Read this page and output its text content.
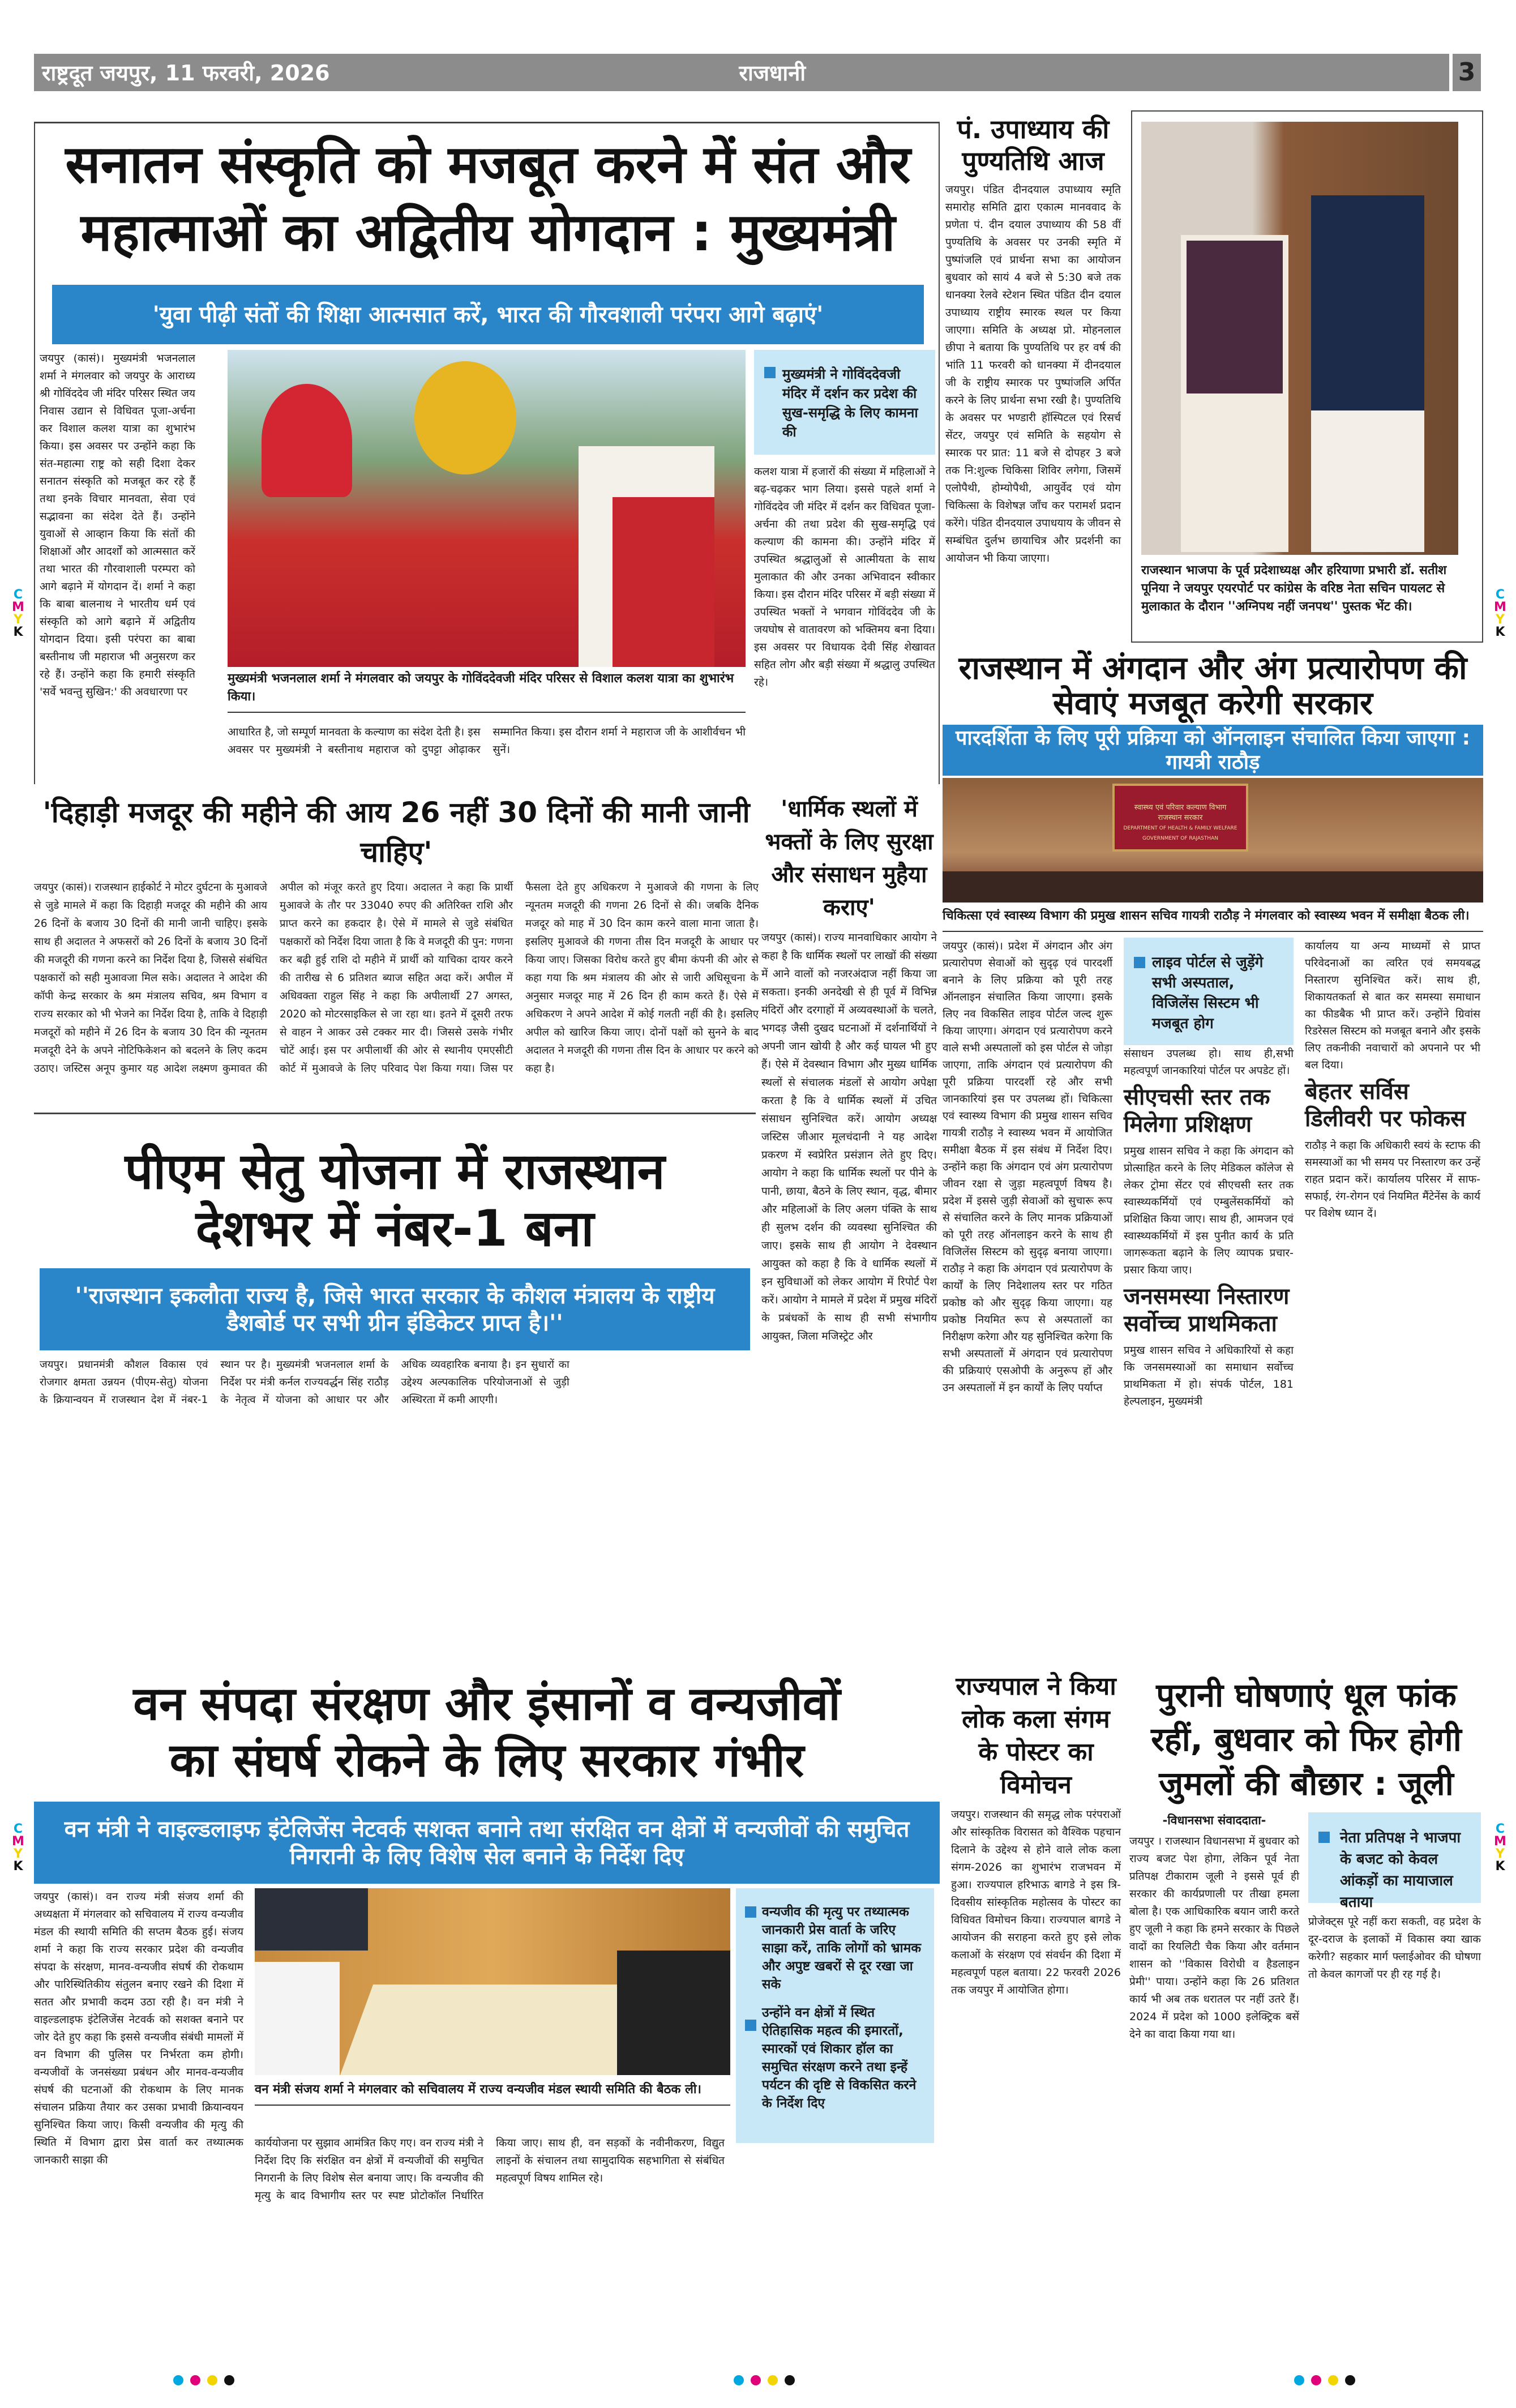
राष्ट्रदूत जयपुर, 11 फरवरी, 2026	राजधानी	3
सनातन संस्कृति को मजबूत करने में संत और
महात्माओं का अद्वितीय योगदान : मुख्यमंत्री
'युवा पीढ़ी संतों की शिक्षा आत्मसात करें, भारत की गौरवशाली परंपरा आगे बढ़ाएं'
जयपुर (कासं)। मुख्यमंत्री भजनलाल शर्मा ने मंगलवार को जयपुर के आराध्य श्री गोविंददेव जी मंदिर परिसर स्थित जय निवास उद्यान से विधिवत पूजा-अर्चना कर विशाल कलश यात्रा का शुभारंभ किया। इस अवसर पर उन्होंने कहा कि संत-महात्मा राष्ट्र को सही दिशा देकर सनातन संस्कृति को मजबूत कर रहे हैं तथा इनके विचार मानवता, सेवा एवं सद्भावना का संदेश देते हैं। उन्होंने युवाओं से आव्हान किया कि संतों की शिक्षाओं और आदर्शों को आत्मसात करें तथा भारत की गौरवाशाली परम्परा को आगे बढ़ाने में योगदान दें। शर्मा ने कहा कि बाबा बालनाथ ने भारतीय धर्म एवं संस्कृति को आगे बढ़ाने में अद्वितीय योगदान दिया। इसी परंपरा का बाबा बस्तीनाथ जी महाराज भी अनुसरण कर रहे हैं। उन्होंने कहा कि हमारी संस्कृति 'सर्वे भवन्तु सुखिन:' की अवधारणा पर
मुख्यमंत्री भजनलाल शर्मा ने मंगलवार को जयपुर के गोविंददेवजी मंदिर परिसर से विशाल कलश यात्रा का शुभारंभ किया।
आधारित है, जो सम्पूर्ण मानवता के कल्याण का संदेश देती है। इस अवसर पर मुख्यमंत्री ने बस्तीनाथ महाराज को दुपट्टा ओढ़ाकर सम्मानित किया। इस दौरान शर्मा ने महाराज जी के आशीर्वचन भी सुनें।
मुख्यमंत्री ने गोविंददेवजी मंदिर में दर्शन कर प्रदेश की सुख-समृद्धि के लिए कामना की
कलश यात्रा में हजारों की संख्या में महिलाओं ने बढ़-चढ़कर भाग लिया। इससे पहले शर्मा ने गोविंददेव जी मंदिर में दर्शन कर विधिवत पूजा-अर्चना की तथा प्रदेश की सुख-समृद्धि एवं कल्याण की कामना की। उन्होंने मंदिर में उपस्थित श्रद्धालुओं से आत्मीयता के साथ मुलाकात की और उनका अभिवादन स्वीकार किया। इस दौरान मंदिर परिसर में बड़ी संख्या में उपस्थित भक्तों ने भगवान गोविंददेव जी के जयघोष से वातावरण को भक्तिमय बना दिया। इस अवसर पर विधायक देवी सिंह शेखावत सहित लोग और बड़ी संख्या में श्रद्धालु उपस्थित रहे।
पं. उपाध्याय की पुण्यतिथि आज
जयपुर। पंडित दीनदयाल उपाध्याय स्मृति समारोह समिति द्वारा एकात्म मानववाद के प्रणेता पं. दीन दयाल उपाध्याय की 58 वीं पुण्यतिथि के अवसर पर उनकी स्मृति में पुष्पांजलि एवं प्रार्थना सभा का आयोजन बुधवार को सायं 4 बजे से 5:30 बजे तक धानक्या रेलवे स्टेशन स्थित पंडित दीन दयाल उपाध्याय राष्ट्रीय स्मारक स्थल पर किया जाएगा। समिति के अध्यक्ष प्रो. मोहनलाल छीपा ने बताया कि पुण्यतिथि पर हर वर्ष की भांति 11 फरवरी को धानक्या में दीनदयाल जी के राष्ट्रीय स्मारक पर पुष्पांजलि अर्पित करने के लिए प्रार्थना सभा रखी है। पुण्यतिथि के अवसर पर भण्डारी हॉस्पिटल एवं रिसर्च सेंटर, जयपुर एवं समिति के सहयोग से स्मारक पर प्रात: 11 बजे से दोपहर 3 बजे तक नि:शुल्क चिकिसा शिविर लगेगा, जिसमें एलोपैथी, होम्योपैथी, आयुर्वेद एवं योग चिकित्सा के विशेषज्ञ जाँच कर परामर्श प्रदान करेंगे। पंडित दीनदयाल उपाधयाय के जीवन से सम्बंधित दुर्लभ छायाचित्र और प्रदर्शनी का आयोजन भी किया जाएगा।
राजस्थान भाजपा के पूर्व प्रदेशाध्यक्ष और हरियाणा प्रभारी डॉ. सतीश पूनिया ने जयपुर एयरपोर्ट पर कांग्रेस के वरिष्ठ नेता सचिन पायलट से मुलाकात के दौरान ''अग्निपथ नहीं जनपथ'' पुस्तक भेंट की।
राजस्थान में अंगदान और अंग प्रत्यारोपण की सेवाएं मजबूत करेगी सरकार
पारदर्शिता के लिए पूरी प्रक्रिया को ऑनलाइन संचालित किया जाएगा : गायत्री राठौड़
स्वास्थ्य एवं परिवार कल्याण विभाग
राजस्थान सरकार
DEPARTMENT OF HEALTH & FAMILY WELFARE
GOVERNMENT OF RAJASTHAN
चिकित्सा एवं स्वास्थ्य विभाग की प्रमुख शासन सचिव गायत्री राठौड़ ने मंगलवार को स्वास्थ्य भवन में समीक्षा बैठक ली।
जयपुर (कासं)। प्रदेश में अंगदान और अंग प्रत्यारोपण सेवाओं को सुदृढ़ एवं पारदर्शी बनाने के लिए प्रक्रिया को पूरी तरह ऑनलाइन संचालित किया जाएगा। इसके लिए नव विकसित लाइव पोर्टल जल्द शुरू किया जाएगा। अंगदान एवं प्रत्यारोपण करने वाले सभी अस्पतालों को इस पोर्टल से जोड़ा जाएगा, ताकि अंगदान एवं प्रत्यारोपण की पूरी प्रक्रिया पारदर्शी रहे और सभी जानकारियां इस पर उपलब्ध हों। चिकित्सा एवं स्वास्थ्य विभाग की प्रमुख शासन सचिव गायत्री राठौड़ ने स्वास्थ्य भवन में आयोजित समीक्षा बैठक में इस संबंध में निर्देश दिए। उन्होंने कहा कि अंगदान एवं अंग प्रत्यारोपण जीवन रक्षा से जुड़ा महत्वपूर्ण विषय है। प्रदेश में इससे जुड़ी सेवाओं को सुचारू रूप से संचालित करने के लिए मानक प्रक्रियाओं को पूरी तरह ऑनलाइन करने के साथ ही विजिलेंस सिस्टम को सुदृढ़ बनाया जाएगा। राठौड़ ने कहा कि अंगदान एवं प्रत्यारोपण के कार्यों के लिए निदेशालय स्तर पर गठित प्रकोष्ठ को और सुदृढ़ किया जाएगा। यह प्रकोष्ठ नियमित रूप से अस्पतालों का निरीक्षण करेगा और यह सुनिश्चित करेगा कि सभी अस्पतालों में अंगदान एवं प्रत्यारोपण की प्रक्रियाएं एसओपी के अनुरूप हों और उन अस्पतालों में इन कार्यों के लिए पर्याप्त
लाइव पोर्टल से जुड़ेंगे सभी अस्पताल, विजिलेंस सिस्टम भी मजबूत होग
संसाधन उपलब्ध हो। साथ ही,सभी महत्वपूर्ण जानकारियां पोर्टल पर अपडेट हों।
सीएचसी स्तर तक मिलेगा प्रशिक्षण
प्रमुख शासन सचिव ने कहा कि अंगदान को प्रोत्साहित करने के लिए मेडिकल कॉलेज से लेकर ट्रोमा सेंटर एवं सीएचसी स्तर तक स्वास्थ्यकर्मियों एवं एम्बुलेंसकर्मियों को प्रशिक्षित किया जाए। साथ ही, आमजन एवं स्वास्थ्यकर्मियों में इस पुनीत कार्य के प्रति जागरूकता बढ़ाने के लिए व्यापक प्रचार-प्रसार किया जाए।
जनसमस्या निस्तारण सर्वोच्च प्राथमिकता
प्रमुख शासन सचिव ने अधिकारियों से कहा कि जनसमस्याओं का समाधान सर्वोच्च प्राथमिकता में हो। संपर्क पोर्टल, 181 हेल्पलाइन, मुख्यमंत्री
कार्यालय या अन्य माध्यमों से प्राप्त परिवेदनाओं का त्वरित एवं समयबद्ध निस्तारण सुनिश्चित करें। साथ ही, शिकायतकर्ता से बात कर समस्या समाधान का फीडबैक भी प्राप्त करें। उन्होंने ग्रिवांस रिडरेसल सिस्टम को मजबूत बनाने और इसके लिए तकनीकी नवाचारों को अपनाने पर भी बल दिया।
बेहतर सर्विस डिलीवरी पर फोकस
राठौड़ ने कहा कि अधिकारी स्वयं के स्टाफ की समस्याओं का भी समय पर निस्तारण कर उन्हें राहत प्रदान करें। कार्यालय परिसर में साफ-सफाई, रंग-रोगन एवं नियमित मैंटेनेंस के कार्य पर विशेष ध्यान दें।
'दिहाड़ी मजदूर की महीने की आय 26 नहीं 30 दिनों की मानी जानी चाहिए'
जयपुर (कासं)। राजस्थान हाईकोर्ट ने मोटर दुर्घटना के मुआवजे से जुडे मामले में कहा कि दिहाड़ी मजदूर की महीने की आय 26 दिनों के बजाय 30 दिनों की मानी जानी चाहिए। इसके साथ ही अदालत ने अफसरों को 26 दिनों के बजाय 30 दिनों की मजदूरी की गणना करने का निर्देश दिया है, जिससे संबंधित पक्षकारों को सही मुआवजा मिल सके। अदालत ने आदेश की कॉपी केन्द्र सरकार के श्रम मंत्रालय सचिव, श्रम विभाग व राज्य सरकार को भी भेजने का निर्देश दिया है, ताकि वे दिहाड़ी मजदूरों को महीने में 26 दिन के बजाय 30 दिन की न्यूनतम मजदूरी देने के अपने नोटिफिकेशन को बदलने के लिए कदम उठाए। जस्टिस अनूप कुमार यह आदेश लक्ष्मण कुमावत की अपील को मंजूर करते हुए दिया। अदालत ने कहा कि प्रार्थी मुआवजे के तौर पर 33040 रुपए की अतिरिक्त राशि और प्राप्त करने का हकदार है। ऐसे में मामले से जुडे संबंधित पक्षकारों को निर्देश दिया जाता है कि वे मजदूरी की पुन: गणना कर बढ़ी हुई राशि दो महीने में प्रार्थी को याचिका दायर करने की तारीख से 6 प्रतिशत ब्याज सहित अदा करें। अपील में अधिवक्ता राहुल सिंह ने कहा कि अपीलार्थी 27 अगस्त, 2020 को मोटरसाइकिल से जा रहा था। इतने में दूसरी तरफ से वाहन ने आकर उसे टक्कर मार दी। जिससे उसके गंभीर चोटें आई। इस पर अपीलार्थी की ओर से स्थानीय एमएसीटी कोर्ट में मुआवजे के लिए परिवाद पेश किया गया। जिस पर फैसला देते हुए अधिकरण ने मुआवजे की गणना के लिए न्यूनतम मजदूरी की गणना 26 दिनों से की। जबकि दैनिक मजदूर को माह में 30 दिन काम करने वाला माना जाता है। इसलिए मुआवजे की गणना तीस दिन मजदूरी के आधार पर किया जाए। जिसका विरोध करते हुए बीमा कंपनी की ओर से कहा गया कि श्रम मंत्रालय की ओर से जारी अधिसूचना के अनुसार मजदूर माह में 26 दिन ही काम करते हैं। ऐसे में अधिकरण ने अपने आदेश में कोई गलती नहीं की है। इसलिए अपील को खारिज किया जाए। दोनों पक्षों को सुनने के बाद अदालत ने मजदूरी की गणना तीस दिन के आधार पर करने को कहा है।
'धार्मिक स्थलों में भक्तों के लिए सुरक्षा और संसाधन मुहैया कराए'
जयपुर (कासं)। राज्य मानवाधिकार आयोग ने कहा है कि धार्मिक स्थलों पर लाखों की संख्या में आने वालों को नजरअंदाज नहीं किया जा सकता। इनकी अनदेखी से ही पूर्व में विभिन्न मंदिरों और दरगाहों में अव्यवस्थाओं के चलते, भगदड़ जैसी दुखद घटनाओं में दर्शनार्थियों ने अपनी जान खोयी है और कई घायल भी हुए हैं। ऐसे में देवस्थान विभाग और मुख्य धार्मिक स्थलों से संचालक मंडलों से आयोग अपेक्षा करता है कि वे धार्मिक स्थलों में उचित संसाधन सुनिश्चित करें। आयोग अध्यक्ष जस्टिस जीआर मूलचंदानी ने यह आदेश प्रकरण में स्वप्रेरित प्रसंज्ञान लेते हुए दिए। आयोग ने कहा कि धार्मिक स्थलों पर पीने के पानी, छाया, बैठने के लिए स्थान, वृद्ध, बीमार और महिलाओं के लिए अलग पंक्ति के साथ ही सुलभ दर्शन की व्यवस्था सुनिश्चित की जाए। इसके साथ ही आयोग ने देवस्थान आयुक्त को कहा है कि वे धार्मिक स्थलों में इन सुविधाओं को लेकर आयोग में रिपोर्ट पेश करें। आयोग ने मामले में प्रदेश में प्रमुख मंदिरों के प्रबंधकों के साथ ही सभी संभागीय आयुक्त, जिला मजिस्ट्रेट और
पीएम सेतु योजना में राजस्थान
देशभर में नंबर-1 बना
''राजस्थान इकलौता राज्य है, जिसे भारत सरकार के कौशल मंत्रालय के राष्ट्रीय डैशबोर्ड पर सभी ग्रीन इंडिकेटर प्राप्त है।''
जयपुर। प्रधानमंत्री कौशल विकास एवं रोजगार क्षमता उन्नयन (पीएम-सेतु) योजना के क्रियान्वयन में राजस्थान देश में नंबर-1 स्थान पर है। मुख्यमंत्री भजनलाल शर्मा के निर्देश पर मंत्री कर्नल राज्यवर्द्धन सिंह राठौड़ के नेतृत्व में योजना को आधार पर और अधिक व्यवहारिक बनाया है। इन सुधारों का उद्देश्य अल्पकालिक परियोजनाओं से जुड़ी अस्थिरता में कमी आएगी।
वन संपदा संरक्षण और इंसानों व वन्यजीवों
का संघर्ष रोकने के लिए सरकार गंभीर
वन मंत्री ने वाइल्डलाइफ इंटेलिजेंस नेटवर्क सशक्त बनाने तथा संरक्षित वन क्षेत्रों में वन्यजीवों की समुचित निगरानी के लिए विशेष सेल बनाने के निर्देश दिए
जयपुर (कासं)। वन राज्य मंत्री संजय शर्मा की अध्यक्षता में मंगलवार को सचिवालय में राज्य वन्यजीव मंडल की स्थायी समिति की सप्तम बैठक हुई। संजय शर्मा ने कहा कि राज्य सरकार प्रदेश की वन्यजीव संपदा के संरक्षण, मानव-वन्यजीव संघर्ष की रोकथाम और पारिस्थितिकीय संतुलन बनाए रखने की दिशा में सतत और प्रभावी कदम उठा रही है। वन मंत्री ने वाइल्डलाइफ इंटेलिजेंस नेटवर्क को सशक्त बनाने पर जोर देते हुए कहा कि इससे वन्यजीव संबंधी मामलों में वन विभाग की पुलिस पर निर्भरता कम होगी। वन्यजीवों के जनसंख्या प्रबंधन और मानव-वन्यजीव संघर्ष की घटनाओं की रोकथाम के लिए मानक संचालन प्रक्रिया तैयार कर उसका प्रभावी क्रियान्वयन सुनिश्चित किया जाए। किसी वन्यजीव की मृत्यु की स्थिति में विभाग द्वारा प्रेस वार्ता कर तथ्यात्मक जानकारी साझा की
वन मंत्री संजय शर्मा ने मंगलवार को सचिवालय में राज्य वन्यजीव मंडल स्थायी समिति की बैठक ली।
कार्ययोजना पर सुझाव आमंत्रित किए गए। वन राज्य मंत्री ने निर्देश दिए कि संरक्षित वन क्षेत्रों में वन्यजीवों की समुचित निगरानी के लिए विशेष सेल बनाया जाए। कि वन्यजीव की मृत्यु के बाद विभागीय स्तर पर स्पष्ट प्रोटोकॉल निर्धारित किया जाए। साथ ही, वन सड़कों के नवीनीकरण, विद्युत लाइनों के संचालन तथा सामुदायिक सहभागिता से संबंधित महत्वपूर्ण विषय शामिल रहे।
वन्यजीव की मृत्यु पर तथ्यात्मक जानकारी प्रेस वार्ता के जरिए साझा करें, ताकि लोगों को भ्रामक और अपुष्ट खबरों से दूर रखा जा सके
उन्होंने वन क्षेत्रों में स्थित ऐतिहासिक महत्व की इमारतों, स्मारकों एवं शिकार हॉल का समुचित संरक्षण करने तथा इन्हें पर्यटन की दृष्टि से विकसित करने के निर्देश दिए
राज्यपाल ने किया लोक कला संगम के पोस्टर का विमोचन
जयपुर। राजस्थान की समृद्ध लोक परंपराओं और सांस्कृतिक विरासत को वैश्विक पहचान दिलाने के उद्देश्य से होने वाले लोक कला संगम-2026 का शुभारंभ राजभवन में हुआ। राज्यपाल हरिभाऊ बागडे ने इस त्रि-दिवसीय सांस्कृतिक महोत्सव के पोस्टर का विधिवत विमोचन किया। राज्यपाल बागडे ने आयोजन की सराहना करते हुए इसे लोक कलाओं के संरक्षण एवं संवर्धन की दिशा में महत्वपूर्ण पहल बताया। 22 फरवरी 2026 तक जयपुर में आयोजित होगा।
पुरानी घोषणाएं धूल फांक रहीं, बुधवार को फिर होगी जुमलों की बौछार : जूली
-विधानसभा संवाददाता-
जयपुर । राजस्थान विधानसभा में बुधवार को राज्य बजट पेश होगा, लेकिन पूर्व नेता प्रतिपक्ष टीकाराम जूली ने इससे पूर्व ही सरकार की कार्यप्रणाली पर तीखा हमला बोला है। एक आधिकारिक बयान जारी करते हुए जूली ने कहा कि हमने सरकार के पिछले वादों का रियलिटी चैक किया और वर्तमान शासन को ''विकास विरोधी व हैडलाइन प्रेमी'' पाया। उन्होंने कहा कि 26 प्रतिशत कार्य भी अब तक धरातल पर नहीं उतरे हैं। 2024 में प्रदेश को 1000 इलेक्ट्रिक बसें देने का वादा किया गया था।
नेता प्रतिपक्ष ने भाजपा के बजट को केवल आंकड़ों का मायाजाल बताया
प्रोजेक्ट्स पूरे नहीं करा सकती, वह प्रदेश के दूर-दराज के इलाकों में विकास क्या खाक करेगी? सहकार मार्ग फ्लाईओवर की घोषणा तो केवल कागजों पर ही रह गई है।
C
M
Y
K
C
M
Y
K
C
M
Y
K
C
M
Y
K
